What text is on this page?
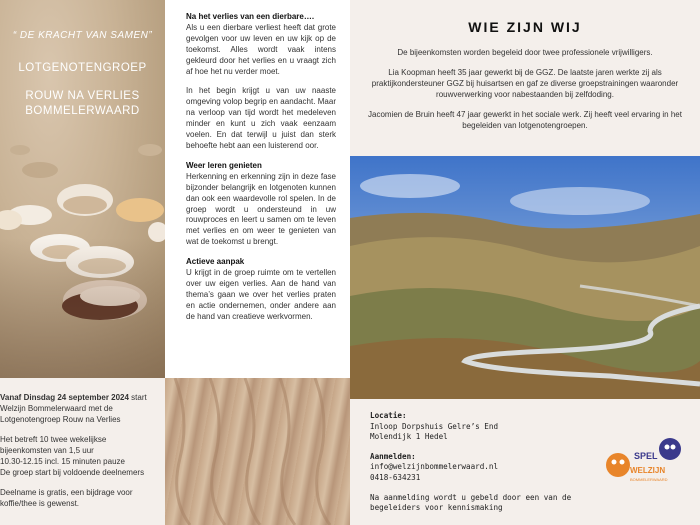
“ DE KRACHT VAN SAMEN”
LOTGENOTENGROEP
ROUW NA VERLIES
BOMMELERWAARD

Vanaf Dinsdag 24 september 2024 start
Welzijn Bommelerwaard met de
Lotgenotengroep Rouw na Verlies

Het betreft 10 twee wekelijkse
bijeenkomsten van 1,5 uur
10.30-12.15 incl. 15 minuten pauze
De groep start bij voldoende deelnemers

Deelname is gratis, een bijdrage voor
koffie/thee is gewenst.

Na het verlies van een dierbare….

Als u een dierbare verliest heeft dat grote gevolgen voor uw leven en uw kijk op de toekomst. Alles wordt vaak intens gekleurd door het verlies en u vraagt zich af hoe het nu verder moet.

In het begin krijgt u van uw naaste omgeving volop begrip en aandacht. Maar na verloop van tijd wordt het medeleven minder en kunt u zich vaak eenzaam voelen. En dat terwijl u juist dan sterk behoefte hebt aan een luisterend oor.

Weer leren genieten

Herkenning en erkenning zijn in deze fase bijzonder belangrijk en lotgenoten kunnen dan ook een waardevolle rol spelen. In de groep wordt u ondersteund in uw rouwproces en leert u samen om te leven met verlies en om weer te genieten van wat de toekomst u brengt.

Actieve aanpak

U krijgt in de groep ruimte om te vertellen over uw eigen verlies. Aan de hand van thema’s gaan we over het verlies praten en actie ondernemen, onder andere aan de hand van creatieve werkvormen.

WIE ZIJN WIJ

De bijeenkomsten worden begeleid door twee professionele vrijwilligers.

Lia Koopman heeft 35 jaar gewerkt bij de GGZ. De laatste jaren werkte zij als praktijkondersteuner GGZ bij huisartsen en gaf ze diverse groepstrainingen waaronder rouwverwerking voor nabestaanden bij zelfdoding.

Jacomien de Bruin heeft 47 jaar gewerkt in het sociale werk. Zij heeft veel ervaring in het begeleiden van lotgenotengroepen.

Locatie:
Inloop Dorpshuis Gelre’s End
Molendijk 1 Hedel
Aanmelden:
info@welzijnbommelerwaard.nl
0418-634231
Na aanmelding wordt u gebeld door een van de
begeleiders voor kennismaking
SPEL
WELZIJN
BOMMELERWAARD
